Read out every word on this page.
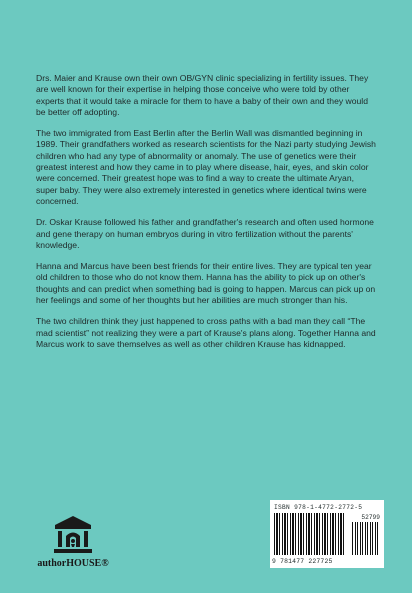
Drs. Maier and Krause own their own OB/GYN clinic specializing in fertility issues. They are well known for their expertise in helping those conceive who were told by other experts that it would take a miracle for them to have a baby of their own and they would be better off adopting.

The two immigrated from East Berlin after the Berlin Wall was dismantled beginning in 1989. Their grandfathers worked as research scientists for the Nazi party studying Jewish children who had any type of abnormality or anomaly. The use of genetics were their greatest interest and how they came in to play where disease, hair, eyes, and skin color were concerned. Their greatest hope was to find a way to create the ultimate Aryan, super baby. They were also extremely interested in genetics where identical twins were concerned.

Dr. Oskar Krause followed his father and grandfather's research and often used hormone and gene therapy on human embryos during in vitro fertilization without the parents' knowledge.

Hanna and Marcus have been best friends for their entire lives. They are typical ten year old children to those who do not know them. Hanna has the ability to pick up on other's thoughts and can predict when something bad is going to happen. Marcus can pick up on her feelings and some of her thoughts but her abilities are much stronger than his.

The two children think they just happened to cross paths with a bad man they call “The mad scientist” not realizing they were a part of Krause's plans along. Together Hanna and Marcus work to save themselves as well as other children Krause has kidnapped.

authorHOUSE®
ISBN 978-1-4772-2772-5
52799
9 781477 227725
